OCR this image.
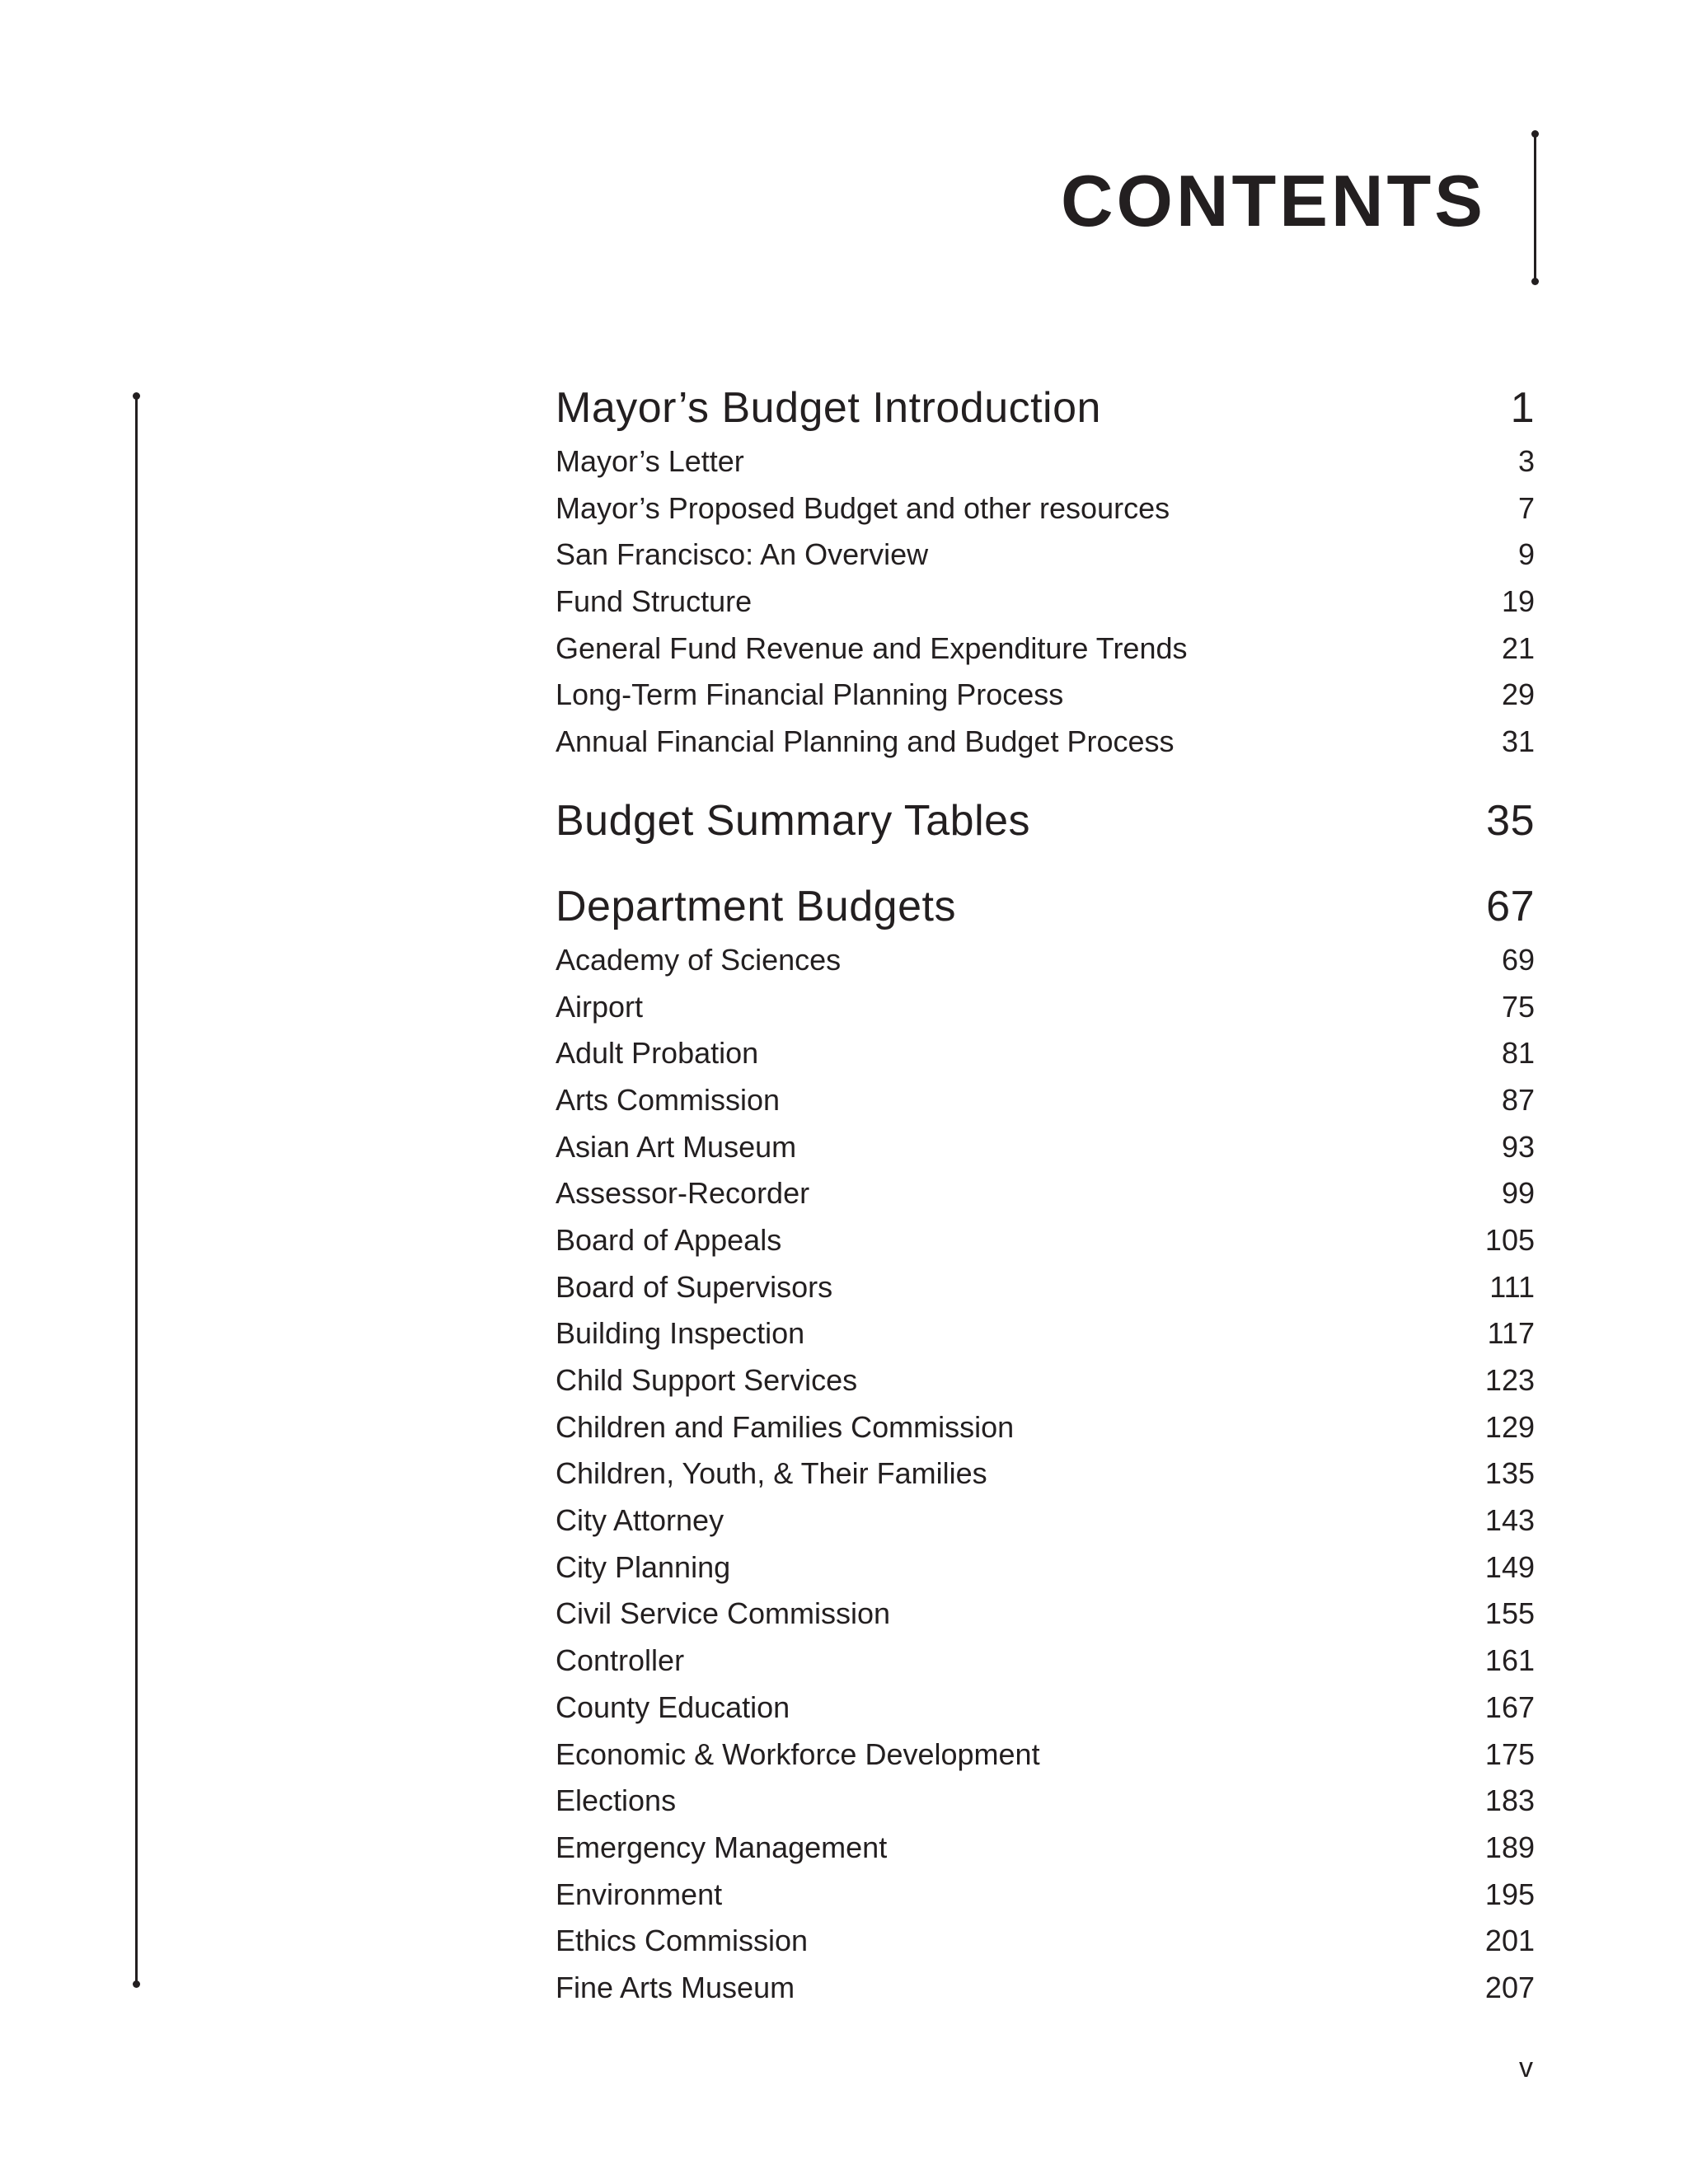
CONTENTS
Mayor’s Budget Introduction	1
Mayor’s Letter	3
Mayor’s Proposed Budget and other resources	7
San Francisco: An Overview	9
Fund Structure	19
General Fund Revenue and Expenditure Trends	21
Long-Term Financial Planning Process	29
Annual Financial Planning and Budget Process	31
Budget Summary Tables	35
Department Budgets	67
Academy of Sciences	69
Airport	75
Adult Probation	81
Arts Commission	87
Asian Art Museum	93
Assessor-Recorder	99
Board of Appeals	105
Board of Supervisors	111
Building Inspection	117
Child Support Services	123
Children and Families Commission	129
Children, Youth, & Their Families	135
City Attorney	143
City Planning	149
Civil Service Commission	155
Controller	161
County Education	167
Economic & Workforce Development	175
Elections	183
Emergency Management	189
Environment	195
Ethics Commission	201
Fine Arts Museum	207
v
